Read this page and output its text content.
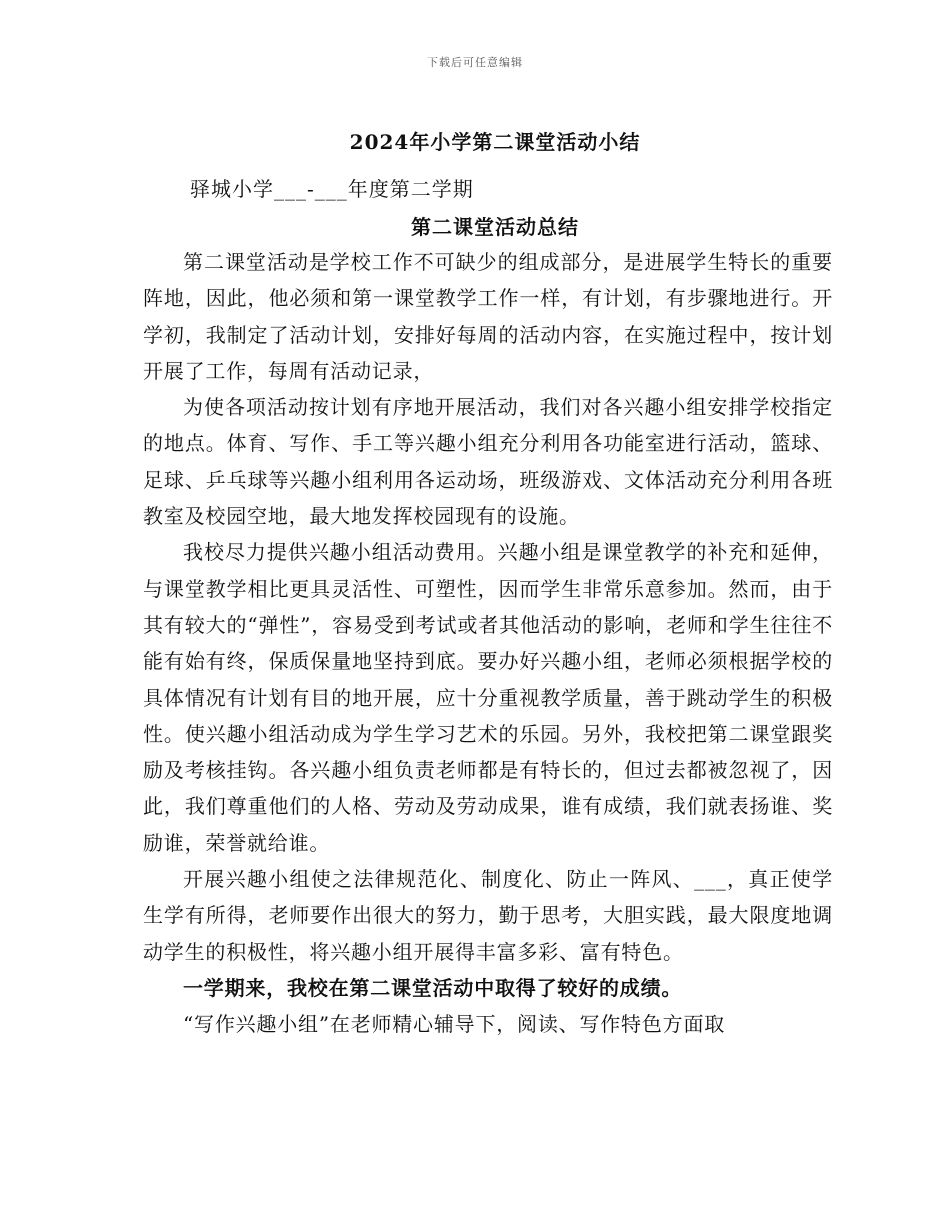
下载后可任意编辑
2024年小学第二课堂活动小结
驿城小学___-___年度第二学期
第二课堂活动总结

第二课堂活动是学校工作不可缺少的组成部分，是进展学生特长的重要阵地，因此，他必须和第一课堂教学工作一样，有计划，有步骤地进行。开学初，我制定了活动计划，安排好每周的活动内容，在实施过程中，按计划开展了工作，每周有活动记录，

为使各项活动按计划有序地开展活动，我们对各兴趣小组安排学校指定的地点。体育、写作、手工等兴趣小组充分利用各功能室进行活动，篮球、足球、乒乓球等兴趣小组利用各运动场，班级游戏、文体活动充分利用各班教室及校园空地，最大地发挥校园现有的设施。

我校尽力提供兴趣小组活动费用。兴趣小组是课堂教学的补充和延伸，与课堂教学相比更具灵活性、可塑性，因而学生非常乐意参加。然而，由于其有较大的“弹性”，容易受到考试或者其他活动的影响，老师和学生往往不能有始有终，保质保量地坚持到底。要办好兴趣小组，老师必须根据学校的具体情况有计划有目的地开展，应十分重视教学质量，善于跳动学生的积极性。使兴趣小组活动成为学生学习艺术的乐园。另外，我校把第二课堂跟奖励及考核挂钩。各兴趣小组负责老师都是有特长的，但过去都被忽视了，因此，我们尊重他们的人格、劳动及劳动成果，谁有成绩，我们就表扬谁、奖励谁，荣誉就给谁。

开展兴趣小组使之法律规范化、制度化、防止一阵风、___，真正使学生学有所得，老师要作出很大的努力，勤于思考，大胆实践，最大限度地调动学生的积极性，将兴趣小组开展得丰富多彩、富有特色。

一学期来，我校在第二课堂活动中取得了较好的成绩。

“写作兴趣小组”在老师精心辅导下，阅读、写作特色方面取
